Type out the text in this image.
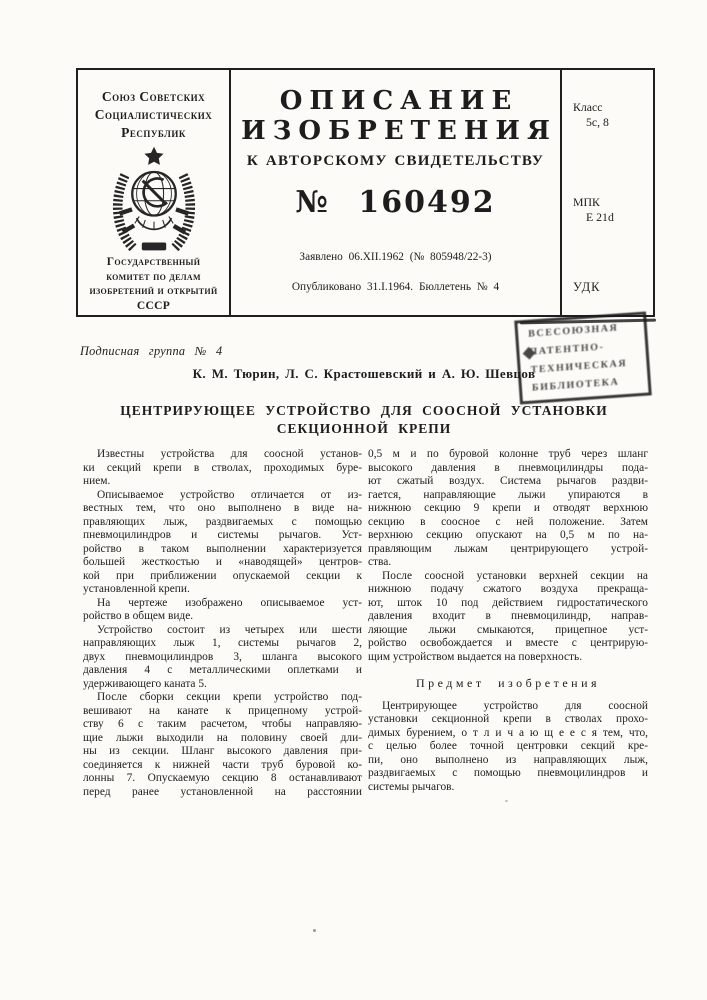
Союз Советских
Социалистических
Республик
Государственный
комитет по делам
изобретений и открытий
СССР
ОПИСАНИЕ
ИЗОБРЕТЕНИЯ
К АВТОРСКОМУ СВИДЕТЕЛЬСТВУ
№ 160492
Заявлено 06.XII.1962 (№ 805948/22-3)
Опубликовано 31.I.1964. Бюллетень № 4
Класс
5с, 8
МПК
Е 21d
УДК
Подписная группа № 4
ВСЕСОЮЗНАЯ
ПАТЕНТНО-
ТЕХНИЧЕСКАЯ
БИБЛИОТЕКА
К. М. Тюрин, Л. С. Крастошевский и А. Ю. Шевцов
ЦЕНТРИРУЮЩЕЕ УСТРОЙСТВО ДЛЯ СООСНОЙ УСТАНОВКИ
СЕКЦИОННОЙ КРЕПИ
Известны устройства для соосной установ-
ки секций крепи в стволах, проходимых буре-
нием.
Описываемое устройство отличается от из-
вестных тем, что оно выполнено в виде на-
правляющих лыж, раздвигаемых с помощью
пневмоцилиндров и системы рычагов. Уст-
ройство в таком выполнении характеризуется
большей жесткостью и «наводящей» центров-
кой при приближении опускаемой секции к
установленной крепи.
На чертеже изображено описываемое уст-
ройство в общем виде.
Устройство состоит из четырех или шести
направляющих лыж 1, системы рычагов 2,
двух пневмоцилиндров 3, шланга высокого
давления 4 с металлическими оплетками и
удерживающего каната 5.
После сборки секции крепи устройство под-
вешивают на канате к прицепному устрой-
ству 6 с таким расчетом, чтобы направляю-
щие лыжи выходили на половину своей дли-
ны из секции. Шланг высокого давления при-
соединяется к нижней части труб буровой ко-
лонны 7. Опускаемую секцию 8 останавливают
перед ранее установленной на расстоянии
0,5 м и по буровой колонне труб через шланг
высокого давления в пневмоцилиндры пода-
ют сжатый воздух. Система рычагов раздви-
гается, направляющие лыжи упираются в
нижнюю секцию 9 крепи и отводят верхнюю
секцию в соосное с ней положение. Затем
верхнюю секцию опускают на 0,5 м по на-
правляющим лыжам центрирующего устрой-
ства.
После соосной установки верхней секции на
нижнюю подачу сжатого воздуха прекраща-
ют, шток 10 под действием гидростатического
давления входит в пневмоцилиндр, направ-
ляющие лыжи смыкаются, прицепное уст-
ройство освобождается и вместе с центрирую-
щим устройством выдается на поверхность.
Предмет изобретения
Центрирующее устройство для соосной
установки секционной крепи в стволах прохо-
димых бурением, о т л и ч а ю щ е е с я тем, что,
с целью более точной центровки секций кре-
пи, оно выполнено из направляющих лыж,
раздвигаемых с помощью пневмоцилиндров и
системы рычагов.
